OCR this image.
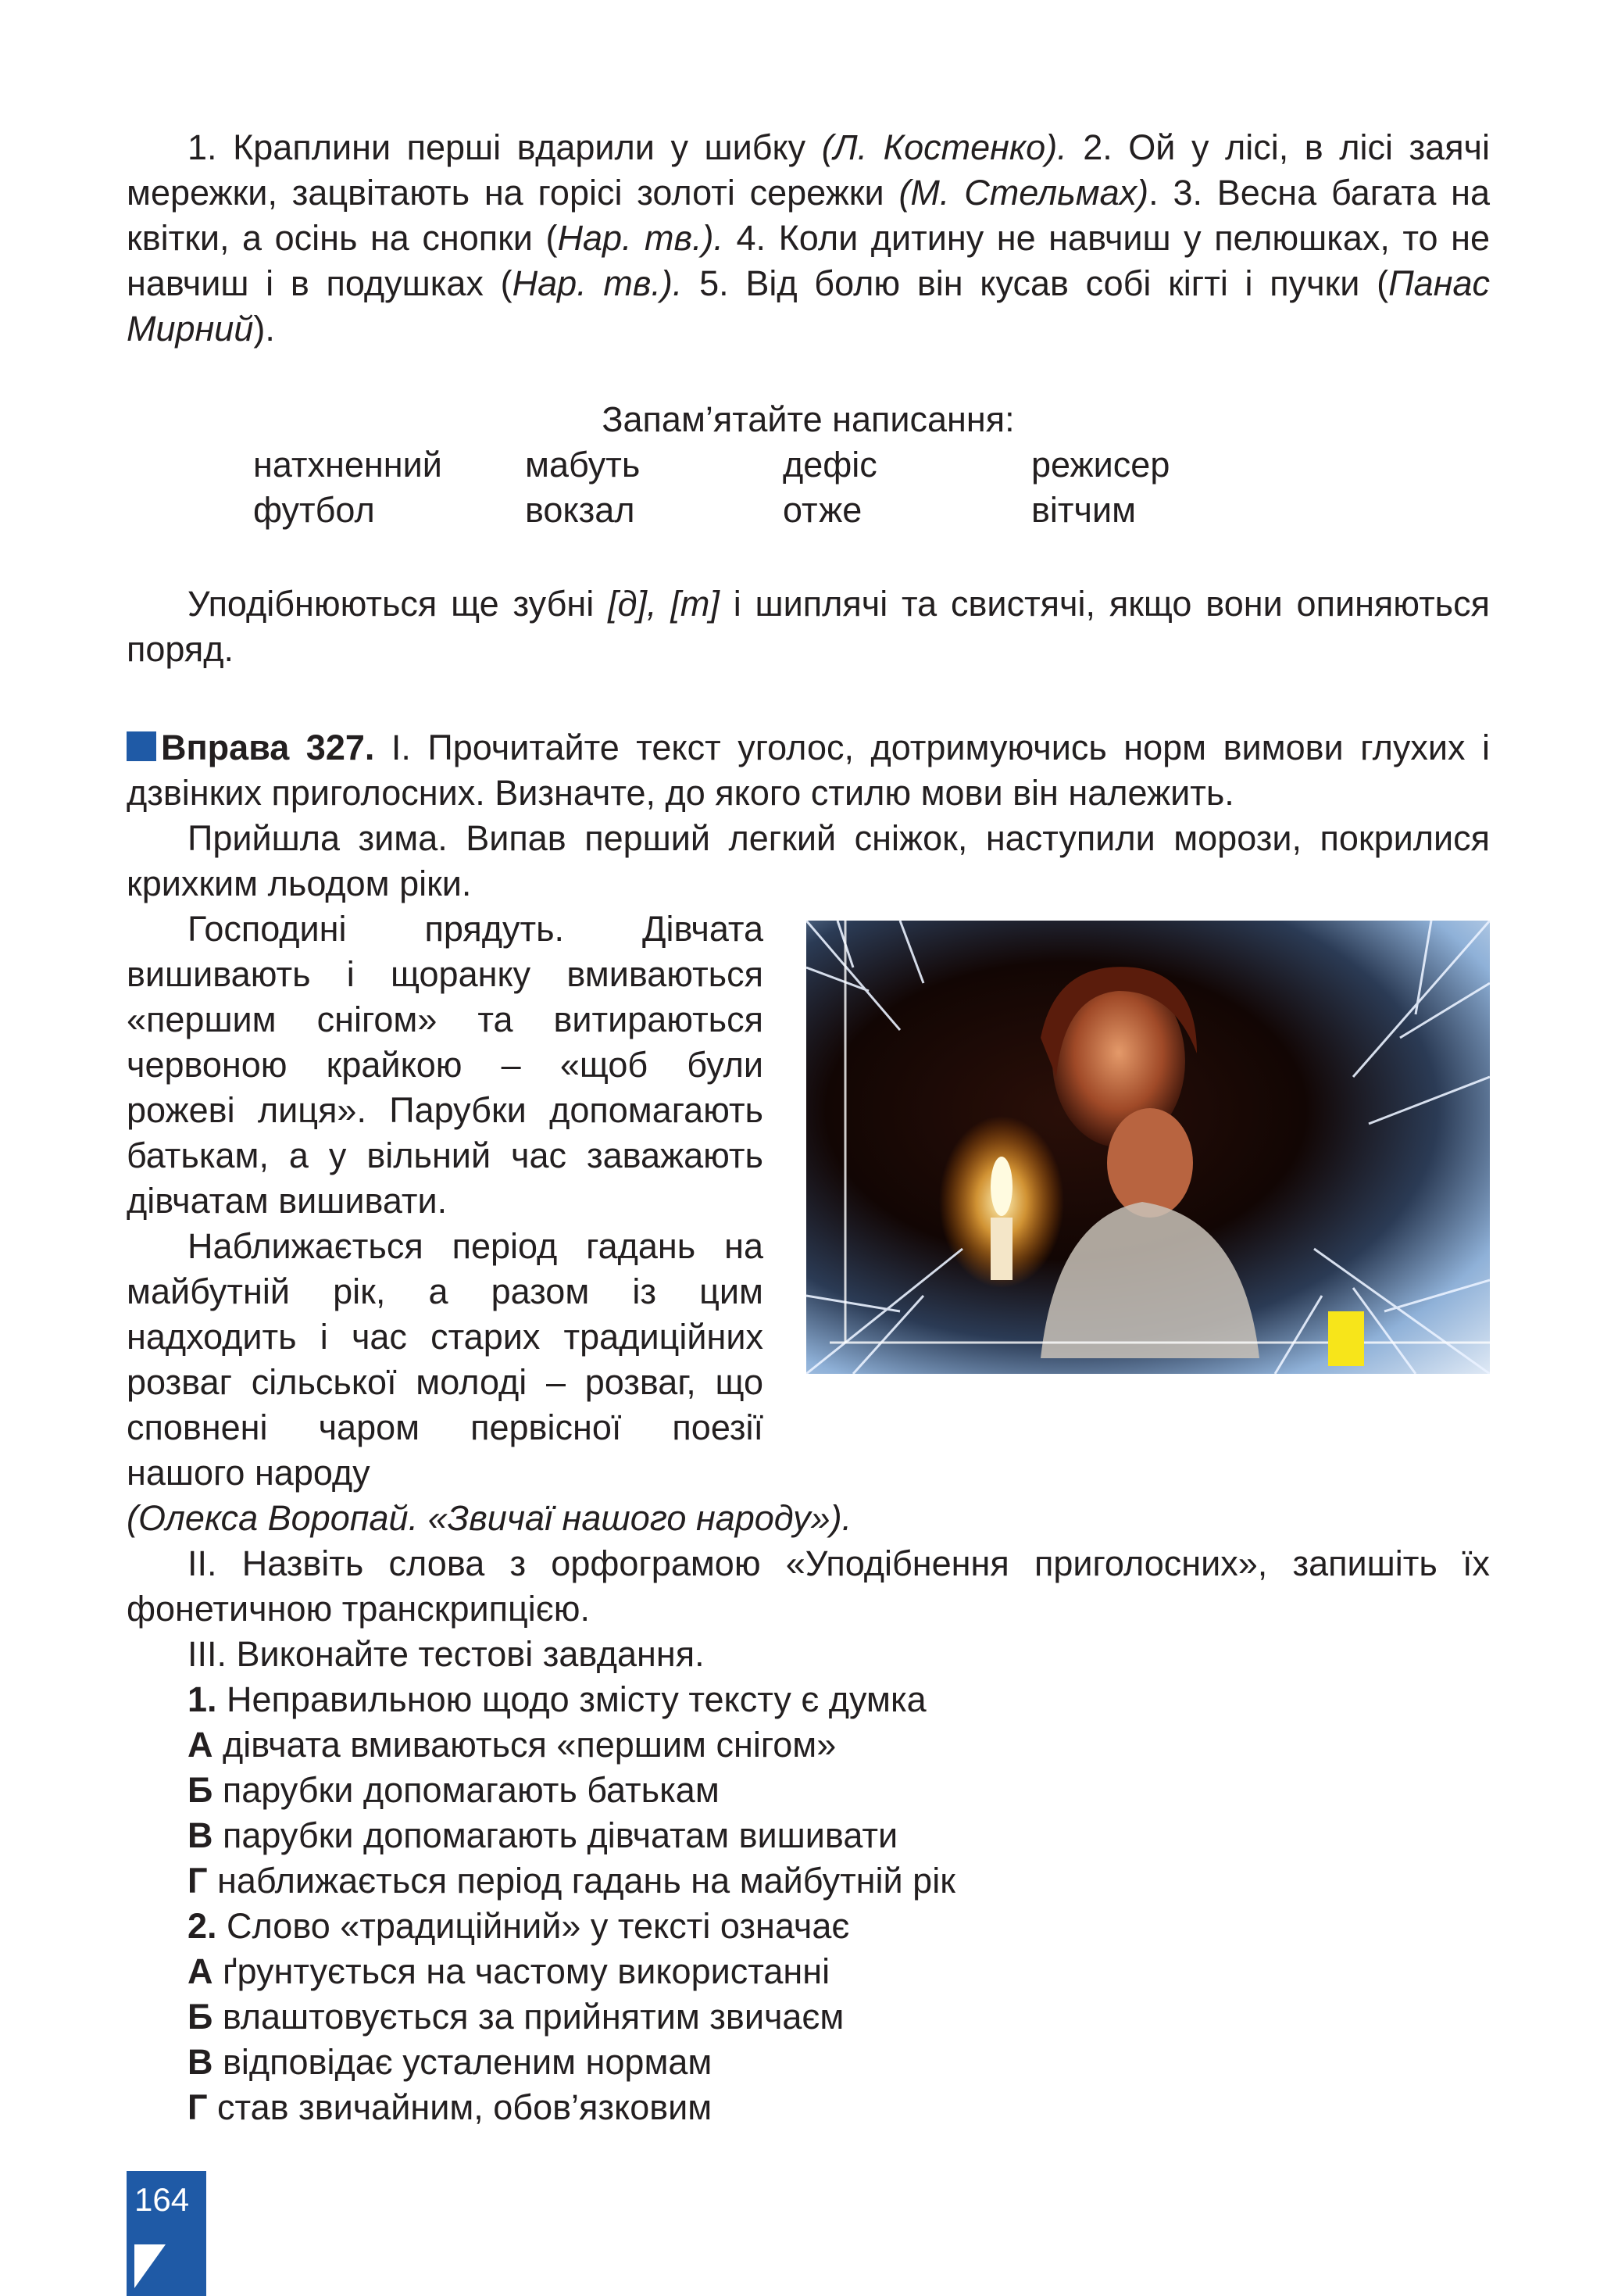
1. Краплини перші вдарили у шибку (Л. Костенко). 2. Ой у лісі, в лісі заячі мережки, зацвітають на горісі золоті сережки (М. Стельмах). 3. Весна багата на квітки, а осінь на снопки (Нар. тв.). 4. Коли дитину не навчиш у пелюшках, то не навчиш і в подушках (Нар. тв.). 5. Від болю він кусав собі кігті і пучки (Панас Мирний).

Запам’ятайте написання:

натхненний	мабуть	дефіс	режисер
футбол	вокзал	отже	вітчим

Уподібнюються ще зубні [д], [т] і шиплячі та свистячі, якщо вони опиняються поряд.

Вправа 327. І. Прочитайте текст уголос, дотримуючись норм вимови глухих і дзвінких приголосних. Визначте, до якого стилю мови він належить.

Прийшла зима. Випав перший легкий сніжок, наступили морози, покрилися крихким льодом ріки.

Господині прядуть. Дівчата вишивають і щоранку вмиваються «першим снігом» та витираються червоною крайкою – «щоб були рожеві лиця». Парубки допомагають батькам, а у вільний час заважають дівчатам вишивати.

Наближається період гадань на майбутній рік, а разом із цим надходить і час старих традиційних розваг сільської молоді – розваг, що сповнені чаром первісної поезії нашого народу

(Олекса Воропай. «Звичаї нашого народу»).

ІІ. Назвіть слова з орфограмою «Уподібнення приголосних», запишіть їх фонетичною транскрипцією.

ІІІ. Виконайте тестові завдання.

1. Неправильною щодо змісту тексту є думка

А дівчата вмиваються «першим снігом»

Б парубки допомагають батькам

В парубки допомагають дівчатам вишивати

Г наближається період гадань на майбутній рік

2. Слово «традиційний» у тексті означає

А ґрунтується на частому використанні

Б влаштовується за прийнятим звичаєм

В відповідає усталеним нормам

Г став звичайним, обов’язковим

164
